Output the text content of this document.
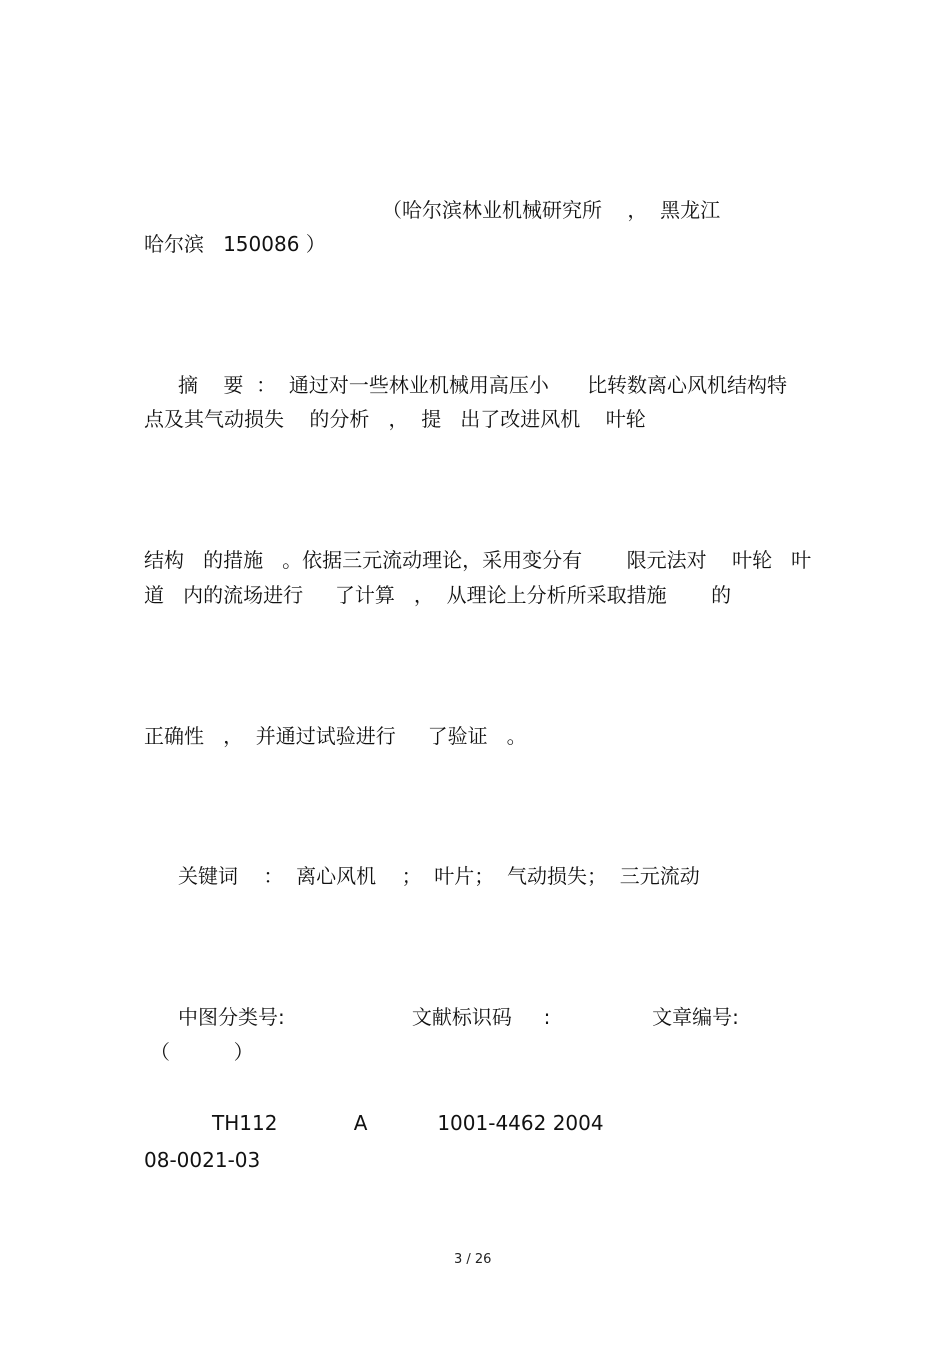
（哈尔滨林业机械研究所    ，  黑龙江
哈尔滨   150086 ）
摘    要  ：  通过对一些林业机械用高压小      比转数离心风机结构特
点及其气动损失    的分析   ，  提   出了改进风机    叶轮
结构   的措施   。依据三元流动理论，采用变分有       限元法对    叶轮   叶
道   内的流场进行     了计算   ，  从理论上分析所采取措施       的
正确性   ，  并通过试验进行     了验证   。
关键词    ：  离心风机    ；  叶片；  气动损失；  三元流动
中图分类号:                    文献标识码     :                文章编号:
（          ）
TH112            A           1001-4462 2004
08-0021-03
3 / 26
